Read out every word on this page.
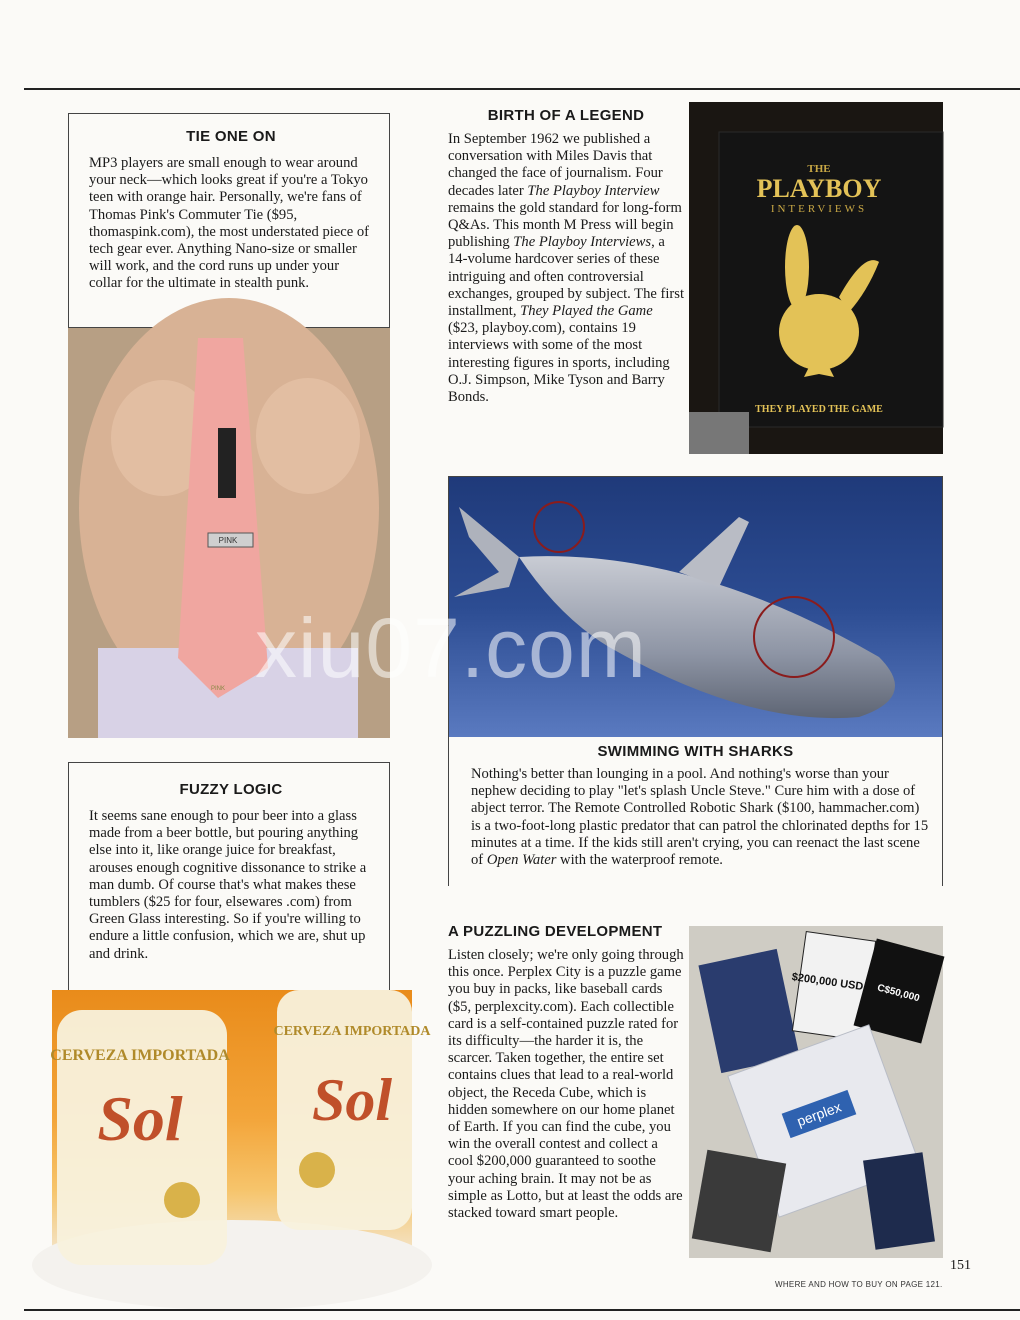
TIE ONE ON

MP3 players are small enough to wear around your neck—which looks great if you're a Tokyo teen with orange hair. Personally, we're fans of Thomas Pink's Commuter Tie ($95, thomaspink.com), the most understated piece of tech gear ever. Anything Nano-size or smaller will work, and the cord runs up under your collar for the ultimate in stealth punk.

PINK
PINK

BIRTH OF A LEGEND

In September 1962 we published a conversation with Miles Davis that changed the face of journalism. Four decades later The Playboy Interview remains the gold standard for long-form Q&As. This month M Press will begin publishing The Playboy Interviews, a 14-volume hardcover series of these intriguing and often controversial exchanges, grouped by subject. The first installment, They Played the Game ($23, playboy.com), contains 19 interviews with some of the most interesting figures in sports, including O.J. Simpson, Mike Tyson and Barry Bonds.

THE
PLAYBOY
INTERVIEWS
THEY PLAYED THE GAME

SWIMMING WITH SHARKS

Nothing's better than lounging in a pool. And nothing's worse than your nephew deciding to play "let's splash Uncle Steve." Cure him with a dose of abject terror. The Remote Controlled Robotic Shark ($100, hammacher.com) is a two-foot-long plastic predator that can patrol the chlorinated depths for 15 minutes at a time. If the kids still aren't crying, you can reenact the last scene of Open Water with the waterproof remote.

FUZZY LOGIC

It seems sane enough to pour beer into a glass made from a beer bottle, but pouring anything else into it, like orange juice for breakfast, arouses enough cognitive dissonance to strike a man dumb. Of course that's what makes these tumblers ($25 for four, elsewares .com) from Green Glass interesting. So if you're willing to endure a little confusion, which we are, shut up and drink.

CERVEZA IMPORTADA
Sol
CERVEZA IMPORTADA
Sol

A PUZZLING DEVELOPMENT

Listen closely; we're only going through this once. Perplex City is a puzzle game you buy in packs, like baseball cards ($5, perplexcity.com). Each collectible card is a self-contained puzzle rated for its difficulty—the harder it is, the scarcer. Taken together, the entire set contains clues that lead to a real-world object, the Receda Cube, which is hidden somewhere on our home planet of Earth. If you can find the cube, you win the overall contest and collect a cool $200,000 guaranteed to soothe your aching brain. It may not be as simple as Lotto, but at least the odds are stacked toward smart people.

$200,000 USD
C$50,000
perplex
151
WHERE AND HOW TO BUY ON PAGE 121.
xiu07.com
